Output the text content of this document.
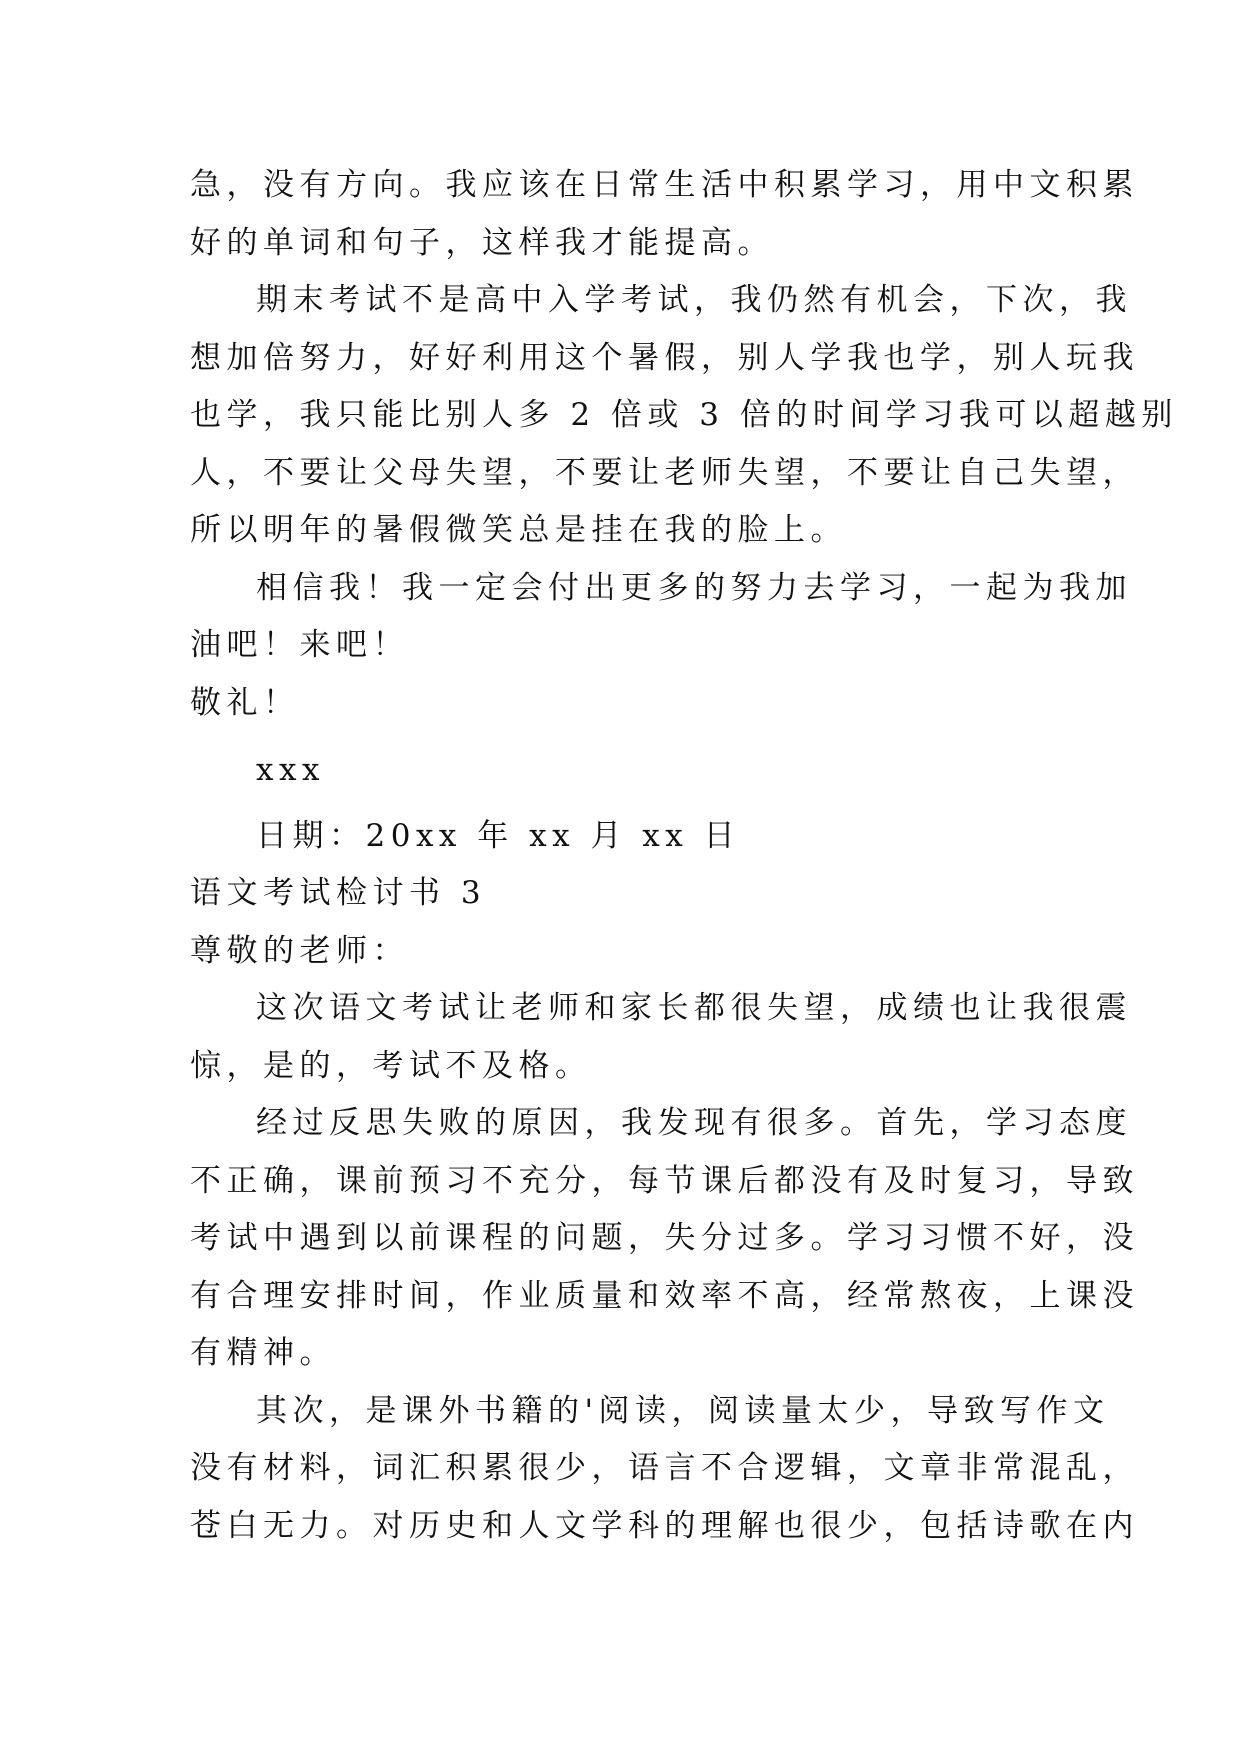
急，没有方向。我应该在日常生活中积累学习，用中文积累
好的单词和句子，这样我才能提高。
期末考试不是高中入学考试，我仍然有机会，下次，我
想加倍努力，好好利用这个暑假，别人学我也学，别人玩我
也学，我只能比别人多 2 倍或 3 倍的时间学习我可以超越别
人，不要让父母失望，不要让老师失望，不要让自己失望，
所以明年的暑假微笑总是挂在我的脸上。
相信我！我一定会付出更多的努力去学习，一起为我加
油吧！来吧！

敬礼！

xxx

日期：20xx 年 xx 月 xx 日

语文考试检讨书 3

尊敬的老师：

这次语文考试让老师和家长都很失望，成绩也让我很震
惊，是的，考试不及格。
经过反思失败的原因，我发现有很多。首先，学习态度
不正确，课前预习不充分，每节课后都没有及时复习，导致
考试中遇到以前课程的问题，失分过多。学习习惯不好，没
有合理安排时间，作业质量和效率不高，经常熬夜，上课没
有精神。
其次，是课外书籍的'阅读，阅读量太少，导致写作文
没有材料，词汇积累很少，语言不合逻辑，文章非常混乱，
苍白无力。对历史和人文学科的理解也很少，包括诗歌在内
